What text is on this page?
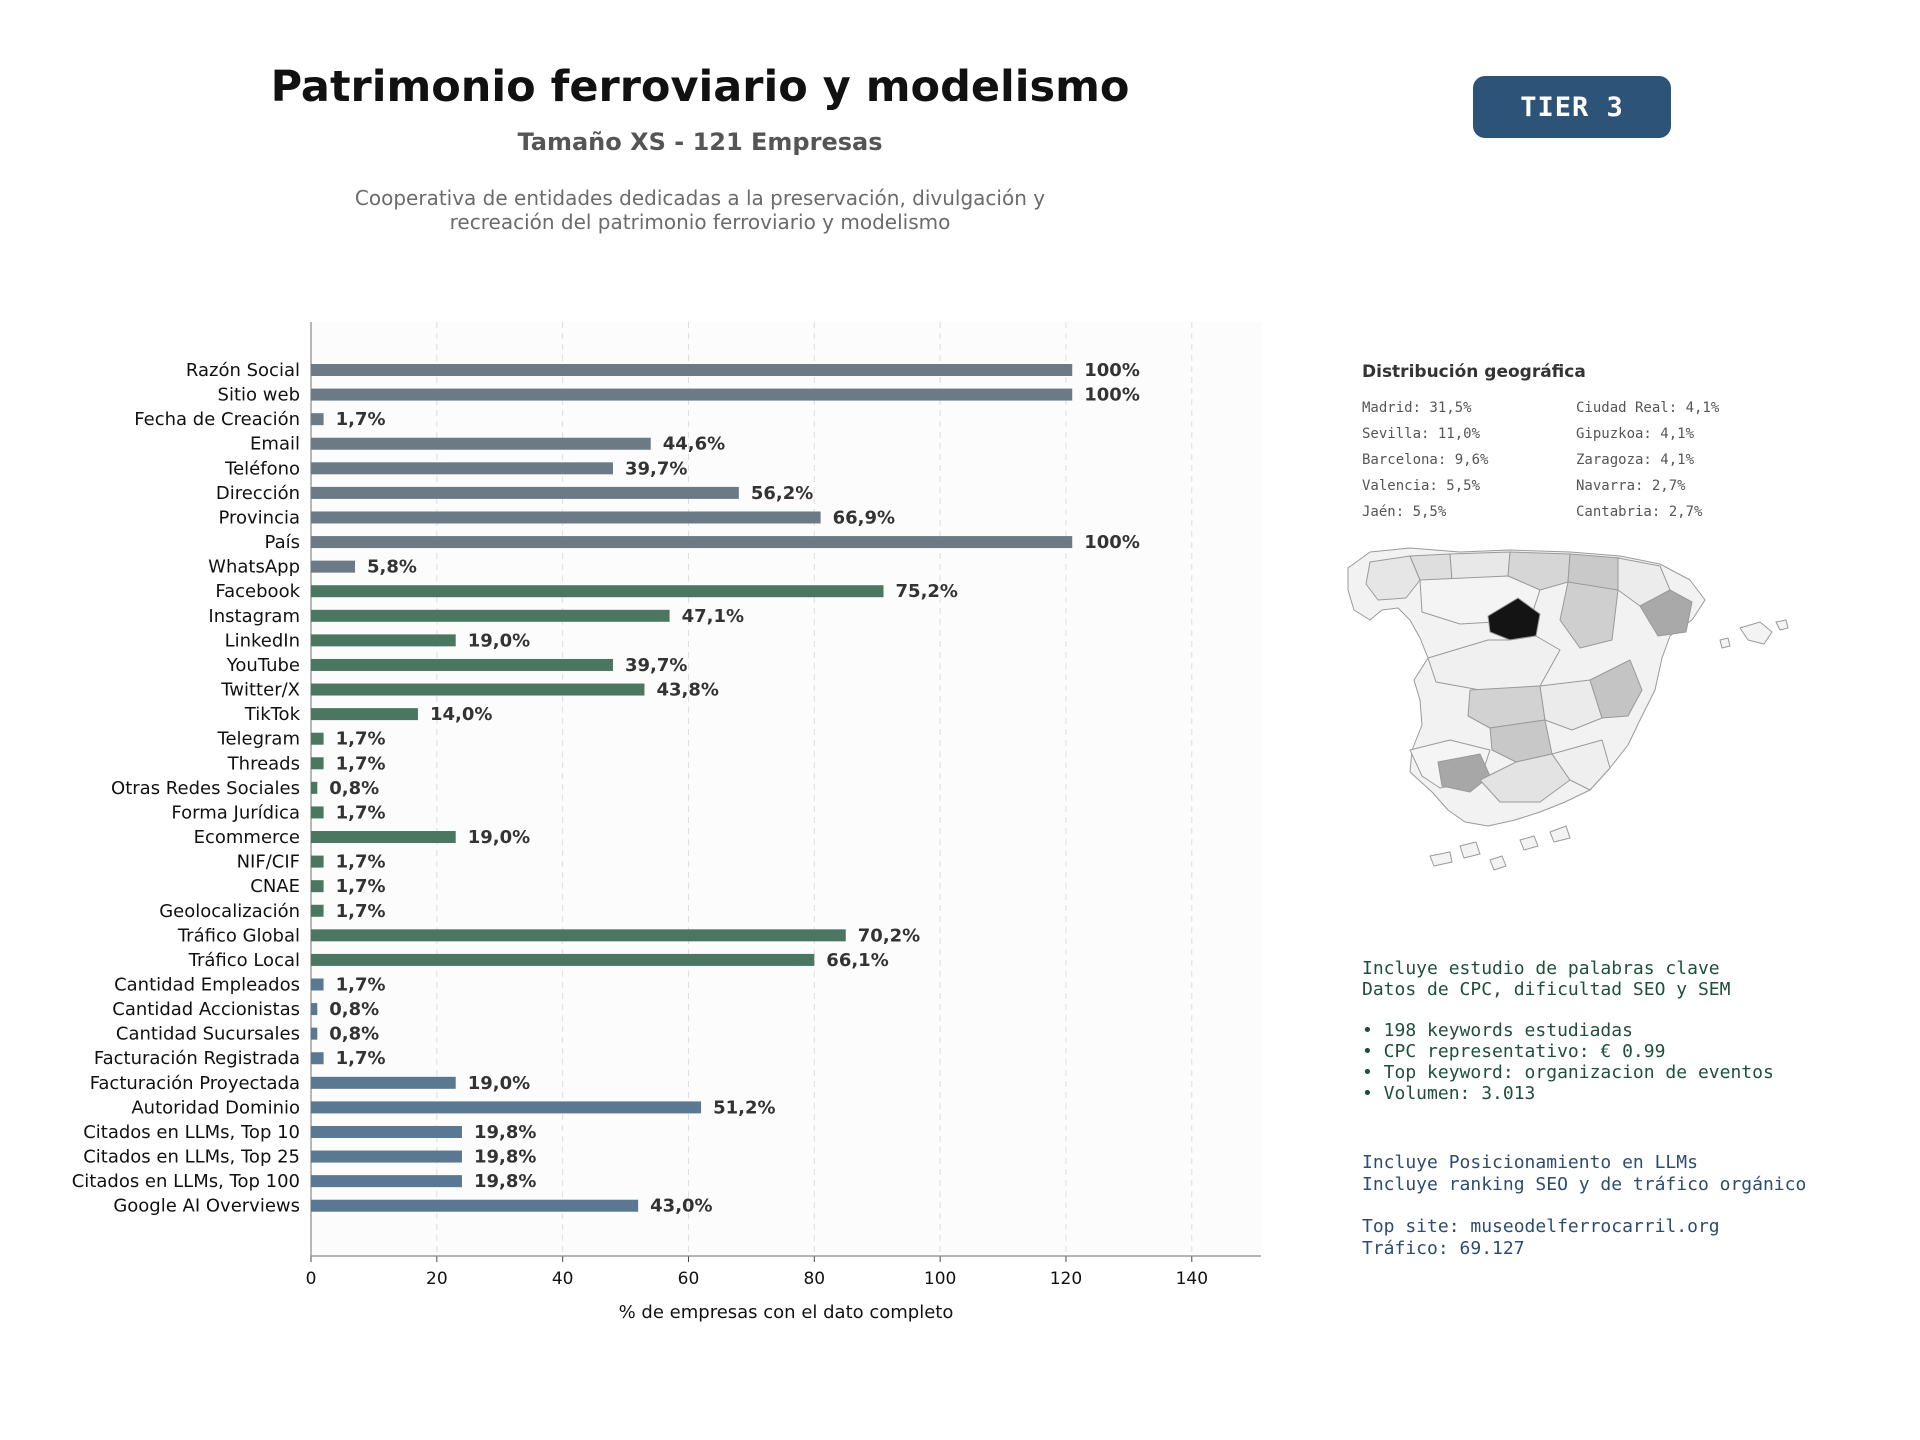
Patrimonio ferroviario y modelismo
Tamaño XS - 121 Empresas
Cooperativa de entidades dedicadas a la preservación, divulgación y
recreación del patrimonio ferroviario y modelismo
TIER 3
0	20	40	60	80	100	120	140
Razón Social	100%
Sitio web	100%
Fecha de Creación 1,7%
Email	44,6%
Teléfono	39,7%
Dirección	56,2%
Provincia	66,9%
País	100%
WhatsApp	5,8%
Facebook	75,2%
Instagram	47,1%
LinkedIn	19,0%
YouTube	39,7%
Twitter/X	43,8%
TikTok	14,0%
Telegram 1,7%
Threads 1,7%
Otras Redes Sociales 0,8%
Forma Jurídica 1,7%
Ecommerce	19,0%
NIF/CIF 1,7%
CNAE 1,7%
Geolocalización 1,7%
Tráfico Global	70,2%
Tráfico Local	66,1%
Cantidad Empleados 1,7%
Cantidad Accionistas 0,8%
Cantidad Sucursales 0,8%
Facturación Registrada 1,7%
Facturación Proyectada	19,0%
Autoridad Dominio	51,2%
Citados en LLMs, Top 10	19,8%
Citados en LLMs, Top 25	19,8%
Citados en LLMs, Top 100	19,8%
Google AI Overviews	43,0%
% de empresas con el dato completo
Distribución geográfica
Madrid: 31,5%
Sevilla: 11,0%
Barcelona: 9,6%
Valencia: 5,5%
Jaén: 5,5%
Ciudad Real: 4,1%
Gipuzkoa: 4,1%
Zaragoza: 4,1%
Navarra: 2,7%
Cantabria: 2,7%
Incluye estudio de palabras clave
Datos de CPC, dificultad SEO y SEM
• 198 keywords estudiadas
• CPC representativo: € 0.99
• Top keyword: organizacion de eventos
• Volumen: 3.013
Incluye Posicionamiento en LLMs
Incluye ranking SEO y de tráfico orgánico
Top site: museodelferrocarril.org
Tráfico: 69.127
